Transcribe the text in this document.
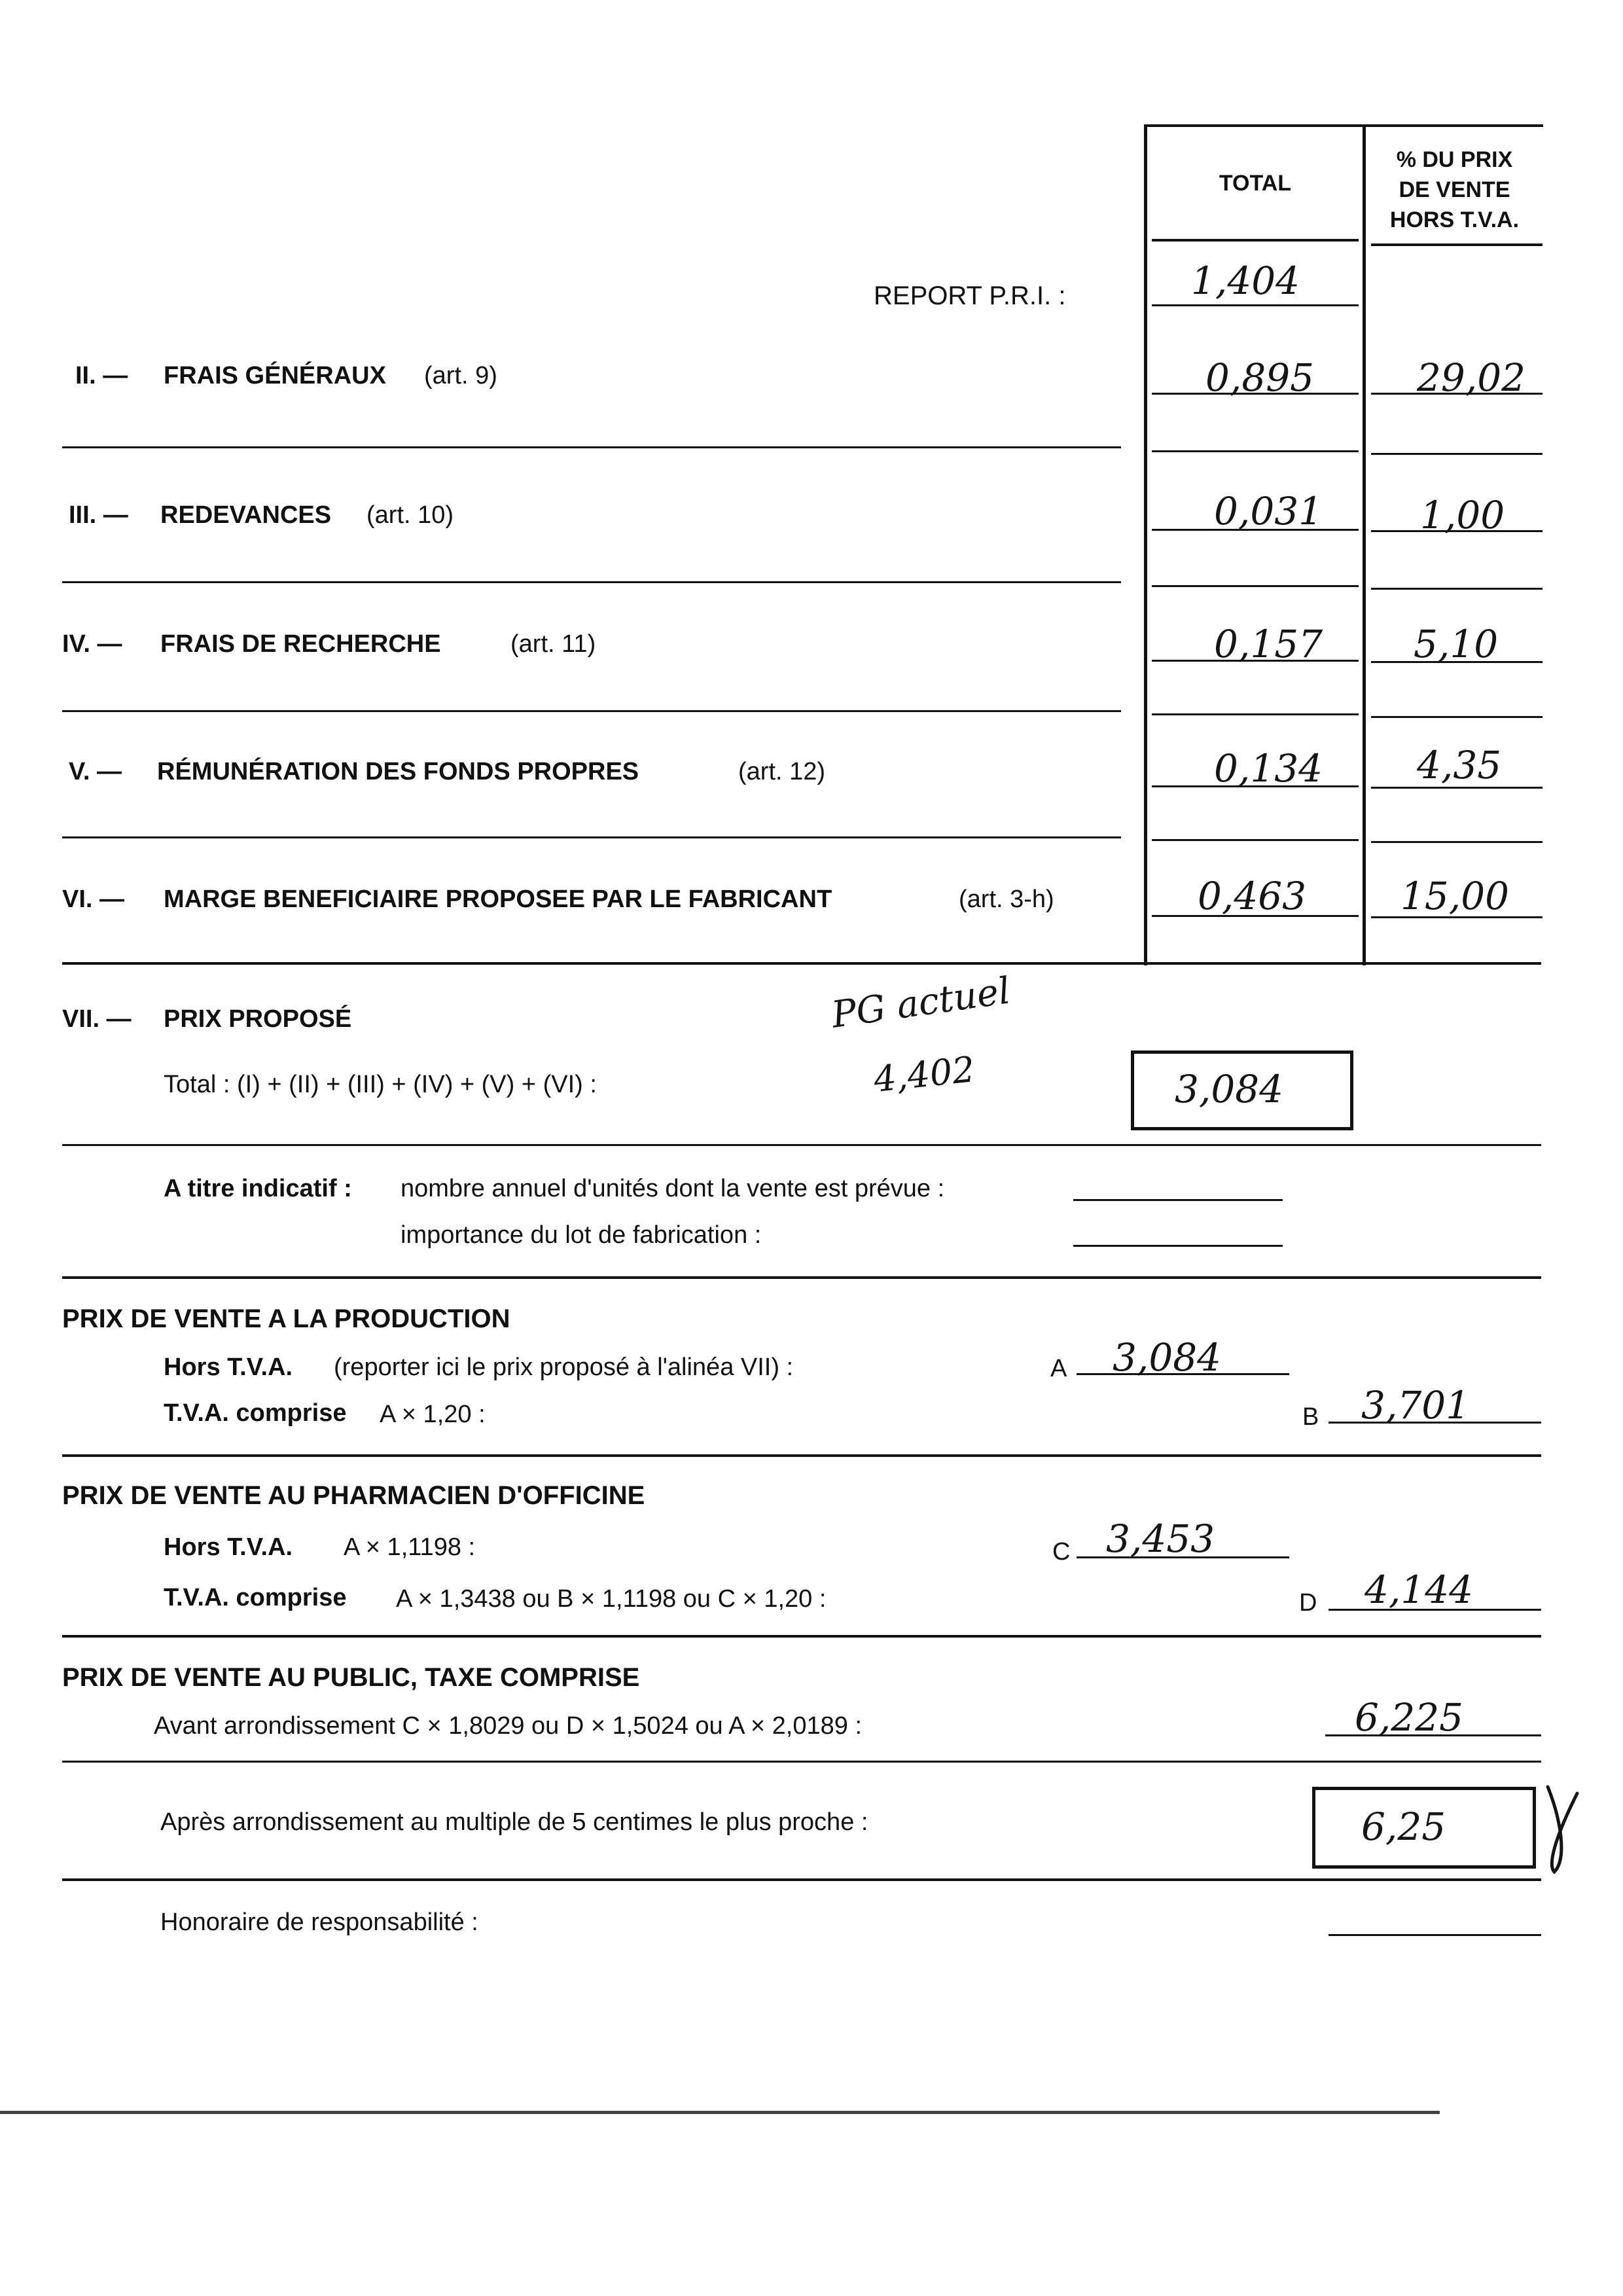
TOTAL
% DU PRIX
DE VENTE
HORS T.V.A.
REPORT P.R.I. :	1,404
II. — FRAIS GÉNÉRAUX (art. 9)	0,895	29,02
III. — REDEVANCES (art. 10)	0,031	1,00
IV. — FRAIS DE RECHERCHE	(art. 11)	0,157 5,10
V. — RÉMUNÉRATION DES FONDS PROPRES	(art. 12)	0,134 4,35
VI. — MARGE BENEFICIAIRE PROPOSEE PAR LE FABRICANT	(art. 3-h)	0,463 15,00
VII. — PRIX PROPOSÉ
Total : (I) + (II) + (III) + (IV) + (V) + (VI) :
PG actuel
4,402	3,084
A titre indicatif : nombre annuel d'unités dont la vente est prévue :
importance du lot de fabrication :
PRIX DE VENTE A LA PRODUCTION
Hors T.V.A. (reporter ici le prix proposé à l'alinéa VII) :	A 3,084
T.V.A. comprise A × 1,20 :	B 3,701
PRIX DE VENTE AU PHARMACIEN D'OFFICINE
Hors T.V.A. A × 1,1198 :	C 3,453
T.V.A. comprise A × 1,3438 ou B × 1,1198 ou C × 1,20 :	D 4,144
PRIX DE VENTE AU PUBLIC, TAXE COMPRISE
Avant arrondissement C × 1,8029 ou D × 1,5024 ou A × 2,0189 :	6,225
Après arrondissement au multiple de 5 centimes le plus proche :	6,25
Honoraire de responsabilité :
